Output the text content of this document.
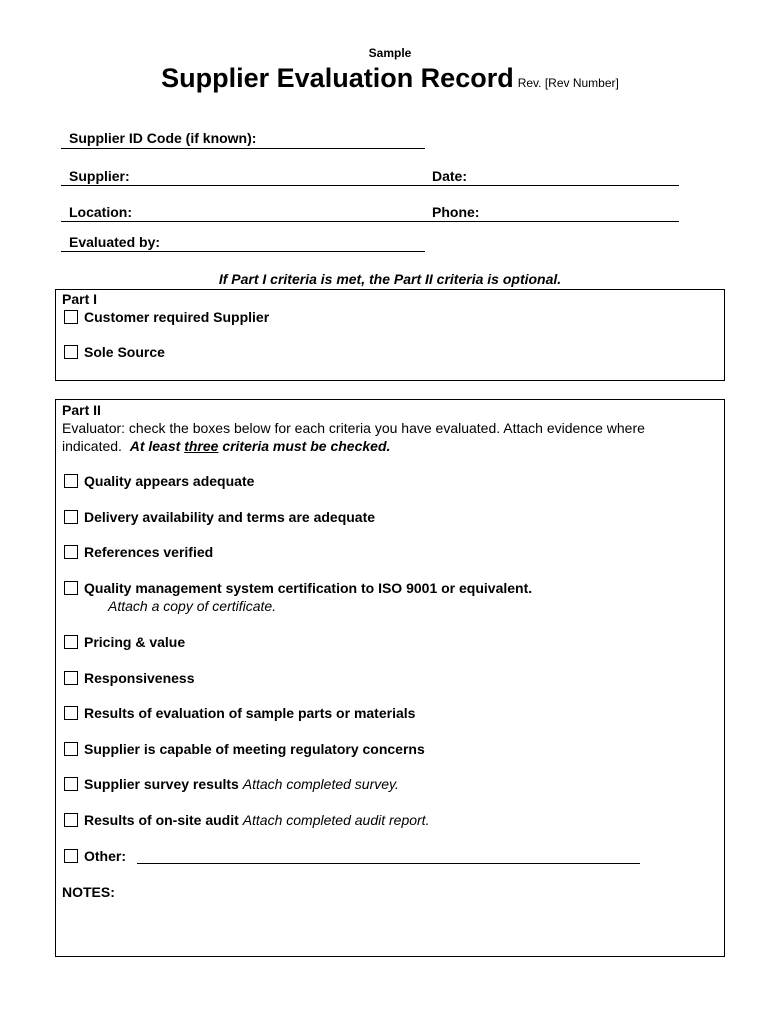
Sample
Supplier Evaluation Record Rev. [Rev Number]
Supplier ID Code (if known):
Supplier:	Date:
Location:	Phone:
Evaluated by:
If Part I criteria is met, the Part II criteria is optional.
Part I
Customer required Supplier
Sole Source
Part II
Evaluator: check the boxes below for each criteria you have evaluated. Attach evidence where
indicated. At least three criteria must be checked.
Quality appears adequate
Delivery availability and terms are adequate
References verified
Quality management system certification to ISO 9001 or equivalent.
Attach a copy of certificate.
Pricing & value
Responsiveness
Results of evaluation of sample parts or materials
Supplier is capable of meeting regulatory concerns
Supplier survey results Attach completed survey.
Results of on-site audit Attach completed audit report.
Other:
NOTES:
